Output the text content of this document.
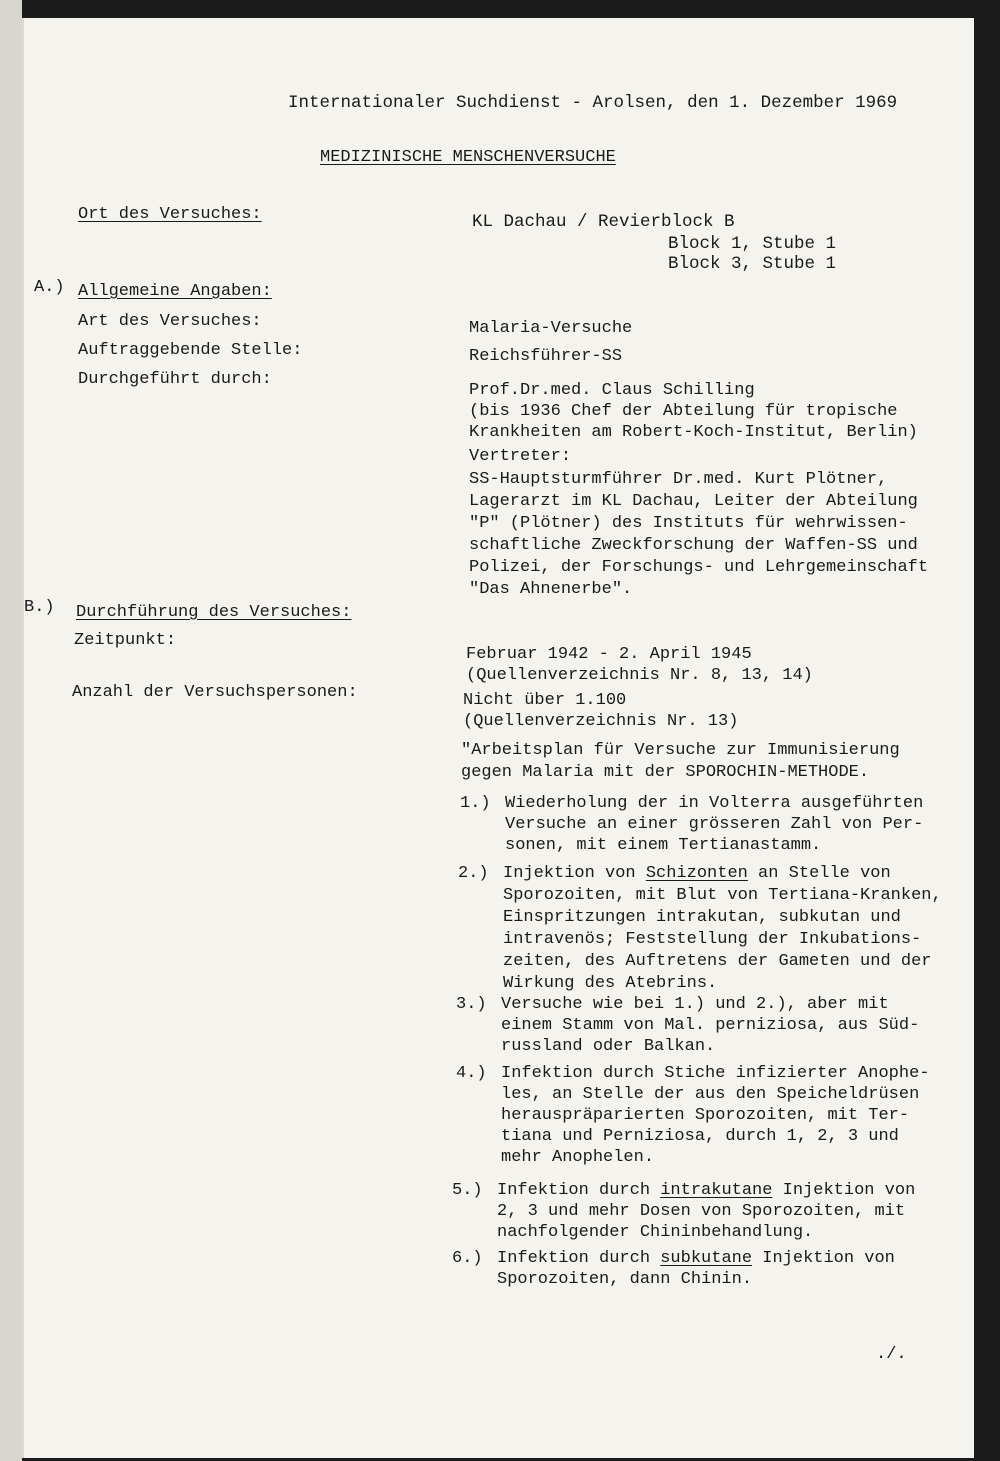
Internationaler Suchdienst - Arolsen, den 1. Dezember 1969
MEDIZINISCHE MENSCHENVERSUCHE
Ort des Versuches:	KL Dachau / Revierblock B
Block 1, Stube 1
Block 3, Stube 1
A.) Allgemeine Angaben:
Art des Versuches:	Malaria-Versuche
Auftraggebende Stelle:	Reichsführer-SS
Durchgeführt durch:
Prof.Dr.med. Claus Schilling
(bis 1936 Chef der Abteilung für tropische
Krankheiten am Robert-Koch-Institut, Berlin)
Vertreter:
SS-Hauptsturmführer Dr.med. Kurt Plötner,
Lagerarzt im KL Dachau, Leiter der Abteilung
"P" (Plötner) des Instituts für wehrwissen-
schaftliche Zweckforschung der Waffen-SS und
Polizei, der Forschungs- und Lehrgemeinschaft
"Das Ahnenerbe".
B.) Durchführung des Versuches:
Zeitpunkt:
Februar 1942 - 2. April 1945
(Quellenverzeichnis Nr. 8, 13, 14)
Anzahl der Versuchspersonen:	Nicht über 1.100
(Quellenverzeichnis Nr. 13)
"Arbeitsplan für Versuche zur Immunisierung
gegen Malaria mit der SPOROCHIN-METHODE.
1.) Wiederholung der in Volterra ausgeführten
Versuche an einer grösseren Zahl von Per-
sonen, mit einem Tertianastamm.
2.) Injektion von Schizonten an Stelle von
Sporozoiten, mit Blut von Tertiana-Kranken,
Einspritzungen intrakutan, subkutan und
intravenös; Feststellung der Inkubations-
zeiten, des Auftretens der Gameten und der
Wirkung des Atebrins.
3.) Versuche wie bei 1.) und 2.), aber mit
einem Stamm von Mal. perniziosa, aus Süd-
russland oder Balkan.
4.) Infektion durch Stiche infizierter Anophe-
les, an Stelle der aus den Speicheldrüsen
herauspräparierten Sporozoiten, mit Ter-
tiana und Perniziosa, durch 1, 2, 3 und
mehr Anophelen.
5.) Infektion durch intrakutane Injektion von
2, 3 und mehr Dosen von Sporozoiten, mit
nachfolgender Chininbehandlung.
6.) Infektion durch subkutane Injektion von
Sporozoiten, dann Chinin.
./.
